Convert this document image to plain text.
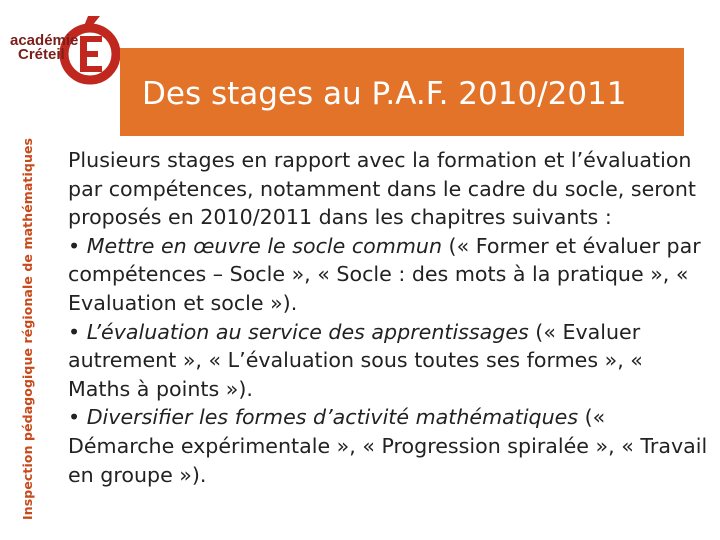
académie
Créteil
Inspection pédagogique régionale de mathématiques
Des stages au P.A.F. 2010/2011

Plusieurs stages en rapport avec la formation et l’évaluation par compétences, notamment dans le cadre du socle, seront proposés en 2010/2011 dans les chapitres suivants :

• Mettre en œuvre le socle commun (« Former et évaluer par compétences – Socle », « Socle : des mots à la pratique », « Evaluation et socle »).

• L’évaluation au service des apprentissages (« Evaluer autrement », « L’évaluation sous toutes ses formes », « Maths à points »).

• Diversifier les formes d’activité mathématiques (« Démarche expérimentale », « Progression spiralée », « Travail en groupe »).
